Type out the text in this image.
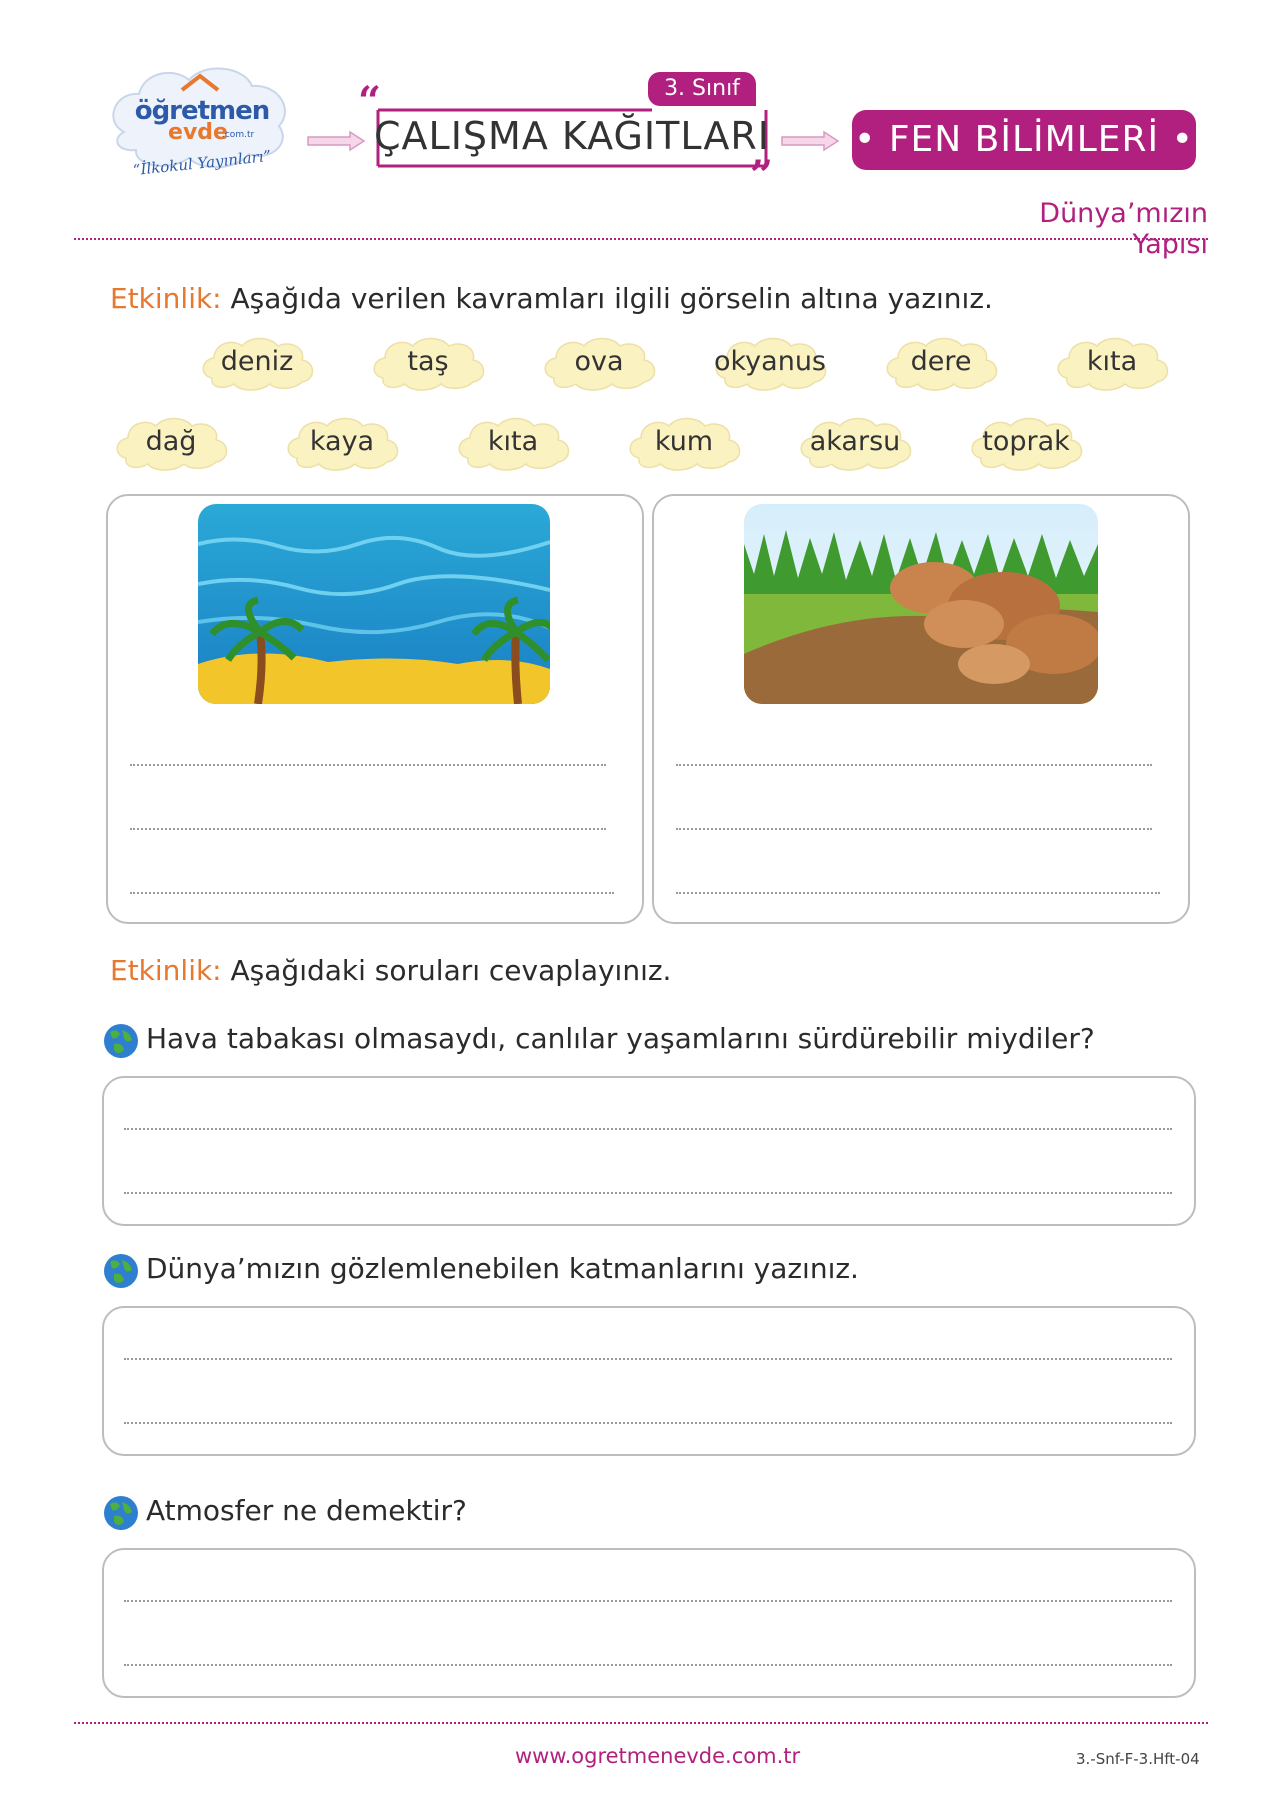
öğretmen
evde
.com.tr
“İlkokul Yayınları”
“
”
3. Sınıf
ÇALIŞMA KAĞITLARI • FEN BİLİMLERİ •
Dünya’mızın Yapısı
Etkinlik: Aşağıda verilen kavramları ilgili görselin altına yazınız.
deniz	taş	ova	okyanus	dere	kıta
dağ	kaya	kıta	kum	akarsu	toprak
Etkinlik: Aşağıdaki soruları cevaplayınız.
Hava tabakası olmasaydı, canlılar yaşamlarını sürdürebilir miydiler?
Dünya’mızın gözlemlenebilen katmanlarını yazınız.
Atmosfer ne demektir?
www.ogretmenevde.com.tr	3.-Snf-F-3.Hft-04
